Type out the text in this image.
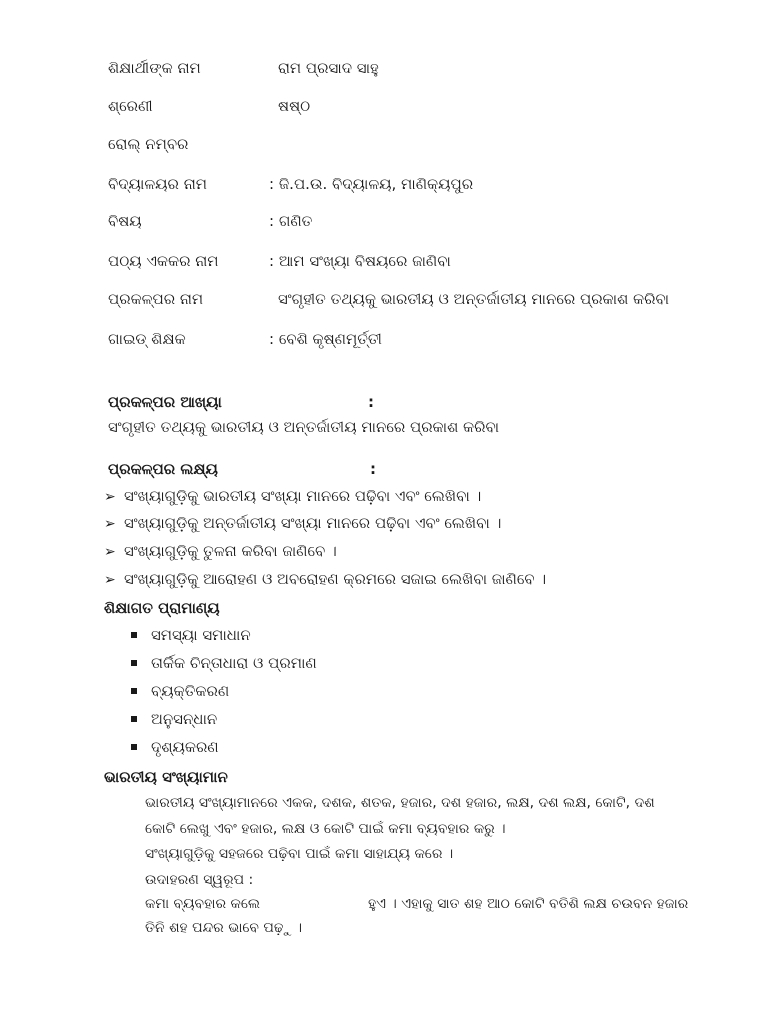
ଶିକ୍ଷାର୍ଥୀଙ୍କ ନାମ	ରାମ ପ୍ରସାଦ ସାହୁ
ଶ୍ରେଣୀ	ଷଷ୍ଠ
ରୋଲ୍ ନମ୍ବର
ବିଦ୍ୟାଳୟର ନାମ	: ଜି.ପ.ଉ. ବିଦ୍ୟାଳୟ, ମାଣିକ୍ୟପୁର
ବିଷୟ	: ଗଣିତ
ପଠ୍ୟ ଏକକର ନାମ	: ଆମ ସଂଖ୍ୟା ବିଷୟରେ ଜାଣିବା
ପ୍ରକଳ୍ପର ନାମ	ସଂଗୃହୀତ ତଥ୍ୟକୁ ଭାରତୀୟ ଓ ଅନ୍ତର୍ଜାତୀୟ ମାନରେ ପ୍ରକାଶ କରିବା
ଗାଇଡ୍ ଶିକ୍ଷକ	: ବେଶି କୃଷ୍ଣମୂର୍ତ୍ତୀ
ପ୍ରକଳ୍ପର ଆଖ୍ୟା	:
ସଂଗୃହୀତ ତଥ୍ୟକୁ ଭାରତୀୟ ଓ ଅନ୍ତର୍ଜାତୀୟ ମାନରେ ପ୍ରକାଶ କରିବା
ପ୍ରକଳ୍ପର ଲକ୍ଷ୍ୟ	:
➢ ସଂଖ୍ୟାଗୁଡ଼ିକୁ ଭାରତୀୟ ସଂଖ୍ୟା ମାନରେ ପଢ଼ିବା ଏବଂ ଲେଖିବା ।
➢ ସଂଖ୍ୟାଗୁଡ଼ିକୁ ଅନ୍ତର୍ଜାତୀୟ ସଂଖ୍ୟା ମାନରେ ପଢ଼ିବା ଏବଂ ଲେଖିବା ।
➢ ସଂଖ୍ୟାଗୁଡ଼ିକୁ ତୁଳନା କରିବା ଜାଣିବେ ।
➢ ସଂଖ୍ୟାଗୁଡ଼ିକୁ ଆରୋହଣ ଓ ଅବରୋହଣ କ୍ରମରେ ସଜାଇ ଲେଖିବା ଜାଣିବେ ।
ଶିକ୍ଷାଗତ ପ୍ରାମାଣ୍ୟ
ସମସ୍ୟା ସମାଧାନ
ତାର୍କିକ ଚିନ୍ତାଧାରା ଓ ପ୍ରମାଣ
ବ୍ୟକ୍ତିକରଣ
ଅନୁସନ୍ଧାନ
ଦୃଶ୍ୟକରଣ
ଭାରତୀୟ ସଂଖ୍ୟାମାନ
ଭାରତୀୟ ସଂଖ୍ୟାମାନରେ ଏକକ, ଦଶକ, ଶତକ, ହଜାର, ଦଶ ହଜାର, ଲକ୍ଷ, ଦଶ ଲକ୍ଷ, କୋଟି, ଦଶ
କୋଟି ଲେଖୁ ଏବଂ ହଜାର, ଲକ୍ଷ ଓ କୋଟି ପାଇଁ କମା ବ୍ୟବହାର କରୁ ।
ସଂଖ୍ୟାଗୁଡ଼ିକୁ ସହଜରେ ପଢ଼ିବା ପାଇଁ କମା ସାହାଯ୍ୟ କରେ ।
ଉଦାହରଣ ସ୍ୱରୂପ :
କମା ବ୍ୟବହାର କଲେ	ହୁଏ । ଏହାକୁ ସାତ ଶହ ଆଠ କୋଟି ବତିଶି ଲକ୍ଷ ଚଉବନ ହଜାର
ତିନି ଶହ ପନ୍ଦର ଭାବେ ପଢ଼ୁ ।
